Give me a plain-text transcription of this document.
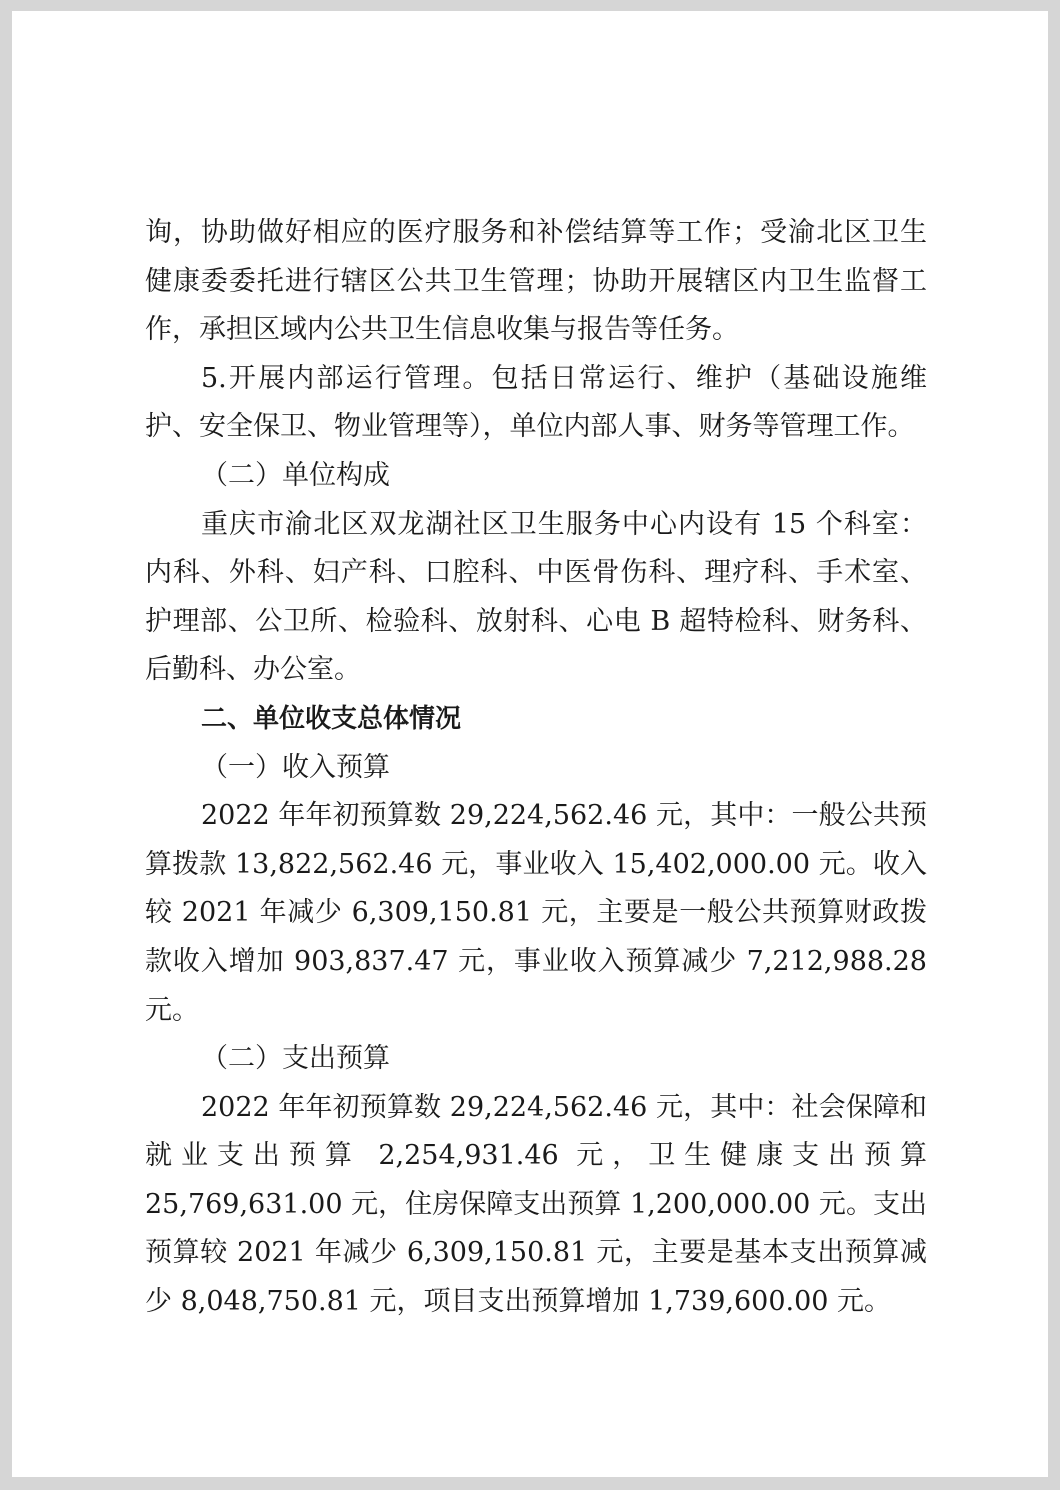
询，协助做好相应的医疗服务和补偿结算等工作；受渝北区卫生健康委委托进行辖区公共卫生管理；协助开展辖区内卫生监督工作，承担区域内公共卫生信息收集与报告等任务。

5.开展内部运行管理。包括日常运行、维护（基础设施维护、安全保卫、物业管理等），单位内部人事、财务等管理工作。

（二）单位构成

重庆市渝北区双龙湖社区卫生服务中心内设有 15 个科室：内科、外科、妇产科、口腔科、中医骨伤科、理疗科、手术室、护理部、公卫所、检验科、放射科、心电 B 超特检科、财务科、后勤科、办公室。

二、单位收支总体情况

（一）收入预算

2022 年年初预算数 29,224,562.46 元，其中：一般公共预算拨款 13,822,562.46 元，事业收入 15,402,000.00 元。收入较 2021 年减少 6,309,150.81 元，主要是一般公共预算财政拨款收入增加 903,837.47 元，事业收入预算减少 7,212,988.28 元。

（二）支出预算

2022 年年初预算数 29,224,562.46 元，其中：社会保障和就业支出预算 2,254,931.46 元，卫生健康支出预算 25,769,631.00 元，住房保障支出预算 1,200,000.00 元。支出预算较 2021 年减少 6,309,150.81 元，主要是基本支出预算减少 8,048,750.81 元，项目支出预算增加 1,739,600.00 元。
